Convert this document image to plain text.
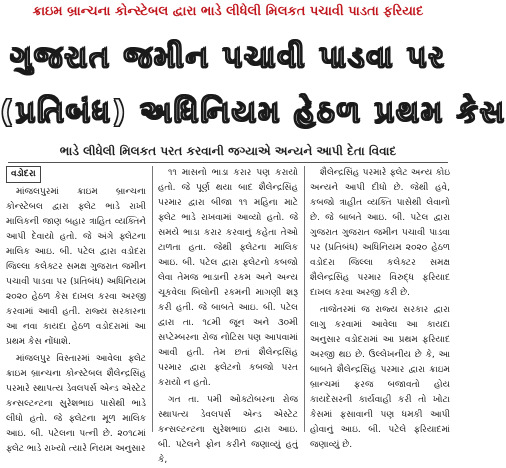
ક્રાઇમ બ્રાન્ચના કોન્સ્ટેબલ દ્વારા ભાડે લીધેલી મિલકત પચાવી પાડતા ફરિયાદ
ગુજરાત જમીન પચાવી પાડવા પર
(પ્રતિબંધ) અધિનિયમ હેઠળ પ્રથમ કેસ
ભાડે લીધેલી મિલકત પરત કરવાની જગ્યાએ અન્યને આપી દેતા વિવાદ
વડોદરા

માંજલપુરમાં ક્રાઇમ બ્રાન્ચના કોન્સ્ટેબલ દ્વારા ફ્લેટ ભાડે રાખી માલિકની જાણ બહાર ત્રાહિત વ્યક્તિને આપી દેવાયો હતો. જે અંગે ફ્લેટના માલિક આઇ. બી. પટેલ દ્વારા વડોદરા જિલ્લા કલેક્ટર સમક્ષ ગુજરાત જમીન પચાવી પાડવા પર (પ્રતિબંધ) અધિનિયમ ૨૦૨૦ હેઠળ કેસ દાખલ કરવા અરજી કરવામાં આવી હતી. રાજ્ય સરકારના આ નવા કાયદા હેઠળ વડોદરામાં આ પ્રથમ કેસ નોંધાશે.

માંજલપુર વિસ્તારમાં આવેલા ફ્લેટ ક્રાઇમ બ્રાન્ચના કોન્સ્ટેબલ શૈલેન્દ્રસિંહ પરમારે સ્થાપત્ય ડેવલપર્સ એન્ડ એસ્ટેટ કન્સલ્ટન્ટના સુરેશભાઇ પાસેથી ભાડે લીધો હતો. જે ફ્લેટના મૂળ માલિક આઇ. બી. પટેલના પત્ની છે. ૨૦૧૮માં ફ્લેટ ભાડે રાખ્યો ત્યારે નિયમ અનુસાર

૧૧ માસનો ભાડા કરાર પણ કરાયો હતો. જે પૂર્ણ થયા બાદ શૈલેન્દ્રસિંહ પરમાર દ્વારા બીજા ૧૧ મહિના માટે ફ્લેટ ભાડે રાખવામાં આવ્યો હતો. જે સમયે ભાડા કરાર કરવાનું કહેતા તેઓ ટાળતા હતા. જેથી ફ્લેટના માલિક આઇ. બી. પટેલ દ્વારા ફ્લેટનો કબજો લેવા તેમજ ભાડાની રકમ અને અન્ય ચૂકવેલા બિલોની રકમની માગણી શરૂ કરી હતી. જે બાબતે આઇ. બી. પટેલ દ્વારા તા. ૧૮મી જૂન અને ૩૦મી સપ્ટેમ્બરના રોજ નોટિસ પણ આપવામાં આવી હતી. તેમ છતાં શૈલેન્દ્રસિંહ પરમાર દ્વારા ફ્લેટનો કબજો પરત કરાયો ન હતો.

ગત તા. ૫મી ઓક્ટોબરના રોજ સ્થાપત્ય ડેવલપર્સ એન્ડ એસ્ટેટ કન્સલ્ટન્ટના સુરેશભાઇ દ્વારા આઇ. બી. પટેલને ફોન કરીને જણાવ્યું હતું કે,

શૈલેન્દ્રસિંહ પરમારે ફ્લેટ અન્ય કોઇ અન્યને આપી દીધો છે. જેથી હવે, કબજો ત્રાહીત વ્યક્તિ પાસેથી લેવાનો છે. જે બાબતે આઇ. બી. પટેલ દ્વારા ગુજરાત ગુજરાત જમીન પચાવી પાડવા પર (પ્રતિબંધ) અધિનિયમ ૨૦૨૦ હેઠળ વડોદરા જિલ્લા કલેક્ટર સમક્ષ શૈલેન્દ્રસિંહ પરમાર વિરુદ્ધ ફરિયાદ દાખલ કરવા અરજી કરી છે.

તાજેતરમાં જ રાજ્ય સરકાર દ્વારા લાગુ કરવામાં આવેલા આ કાયદા અનુસાર વડોદરામાં આ પ્રથમ ફરિયાદ અરજી થઇ છે. ઉલ્લેખનીય છે કે, આ બાબતે શૈલેન્દ્રસિંહ પરમાર દ્વારા ક્રાઇમ બ્રાન્ચમાં ફરજ બજાવતો હોય કાયદેસરની કાર્યવાહી કરી તો ખોટા કેસમાં ફસાવાની પણ ધમકી આપી હોવાનું આઇ. બી. પટેલે ફરિયાદમાં જણાવ્યું છે.
